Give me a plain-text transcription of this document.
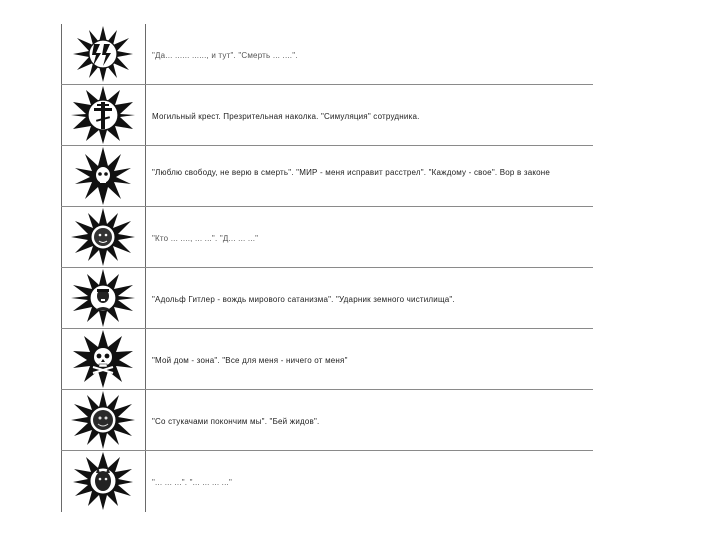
"Да... ...... ......, и тут". "Смерть ... ....".
Могильный крест. Презрительная наколка. "Симуляция" сотрудника.
"Люблю свободу, не верю в смерть". "МИР - меня исправит расстрел". "Каждому - свое". Вор в законе
"Кто ... ...., ... ...". "Д... ... ..."
"Адольф Гитлер - вождь мирового сатанизма". "Ударник земного чистилища".
"Мой дом - зона". "Все для меня - ничего от меня"
"Со стукачами покончим мы". "Бей жидов".
"... ... ...". "... ... ... ..."
